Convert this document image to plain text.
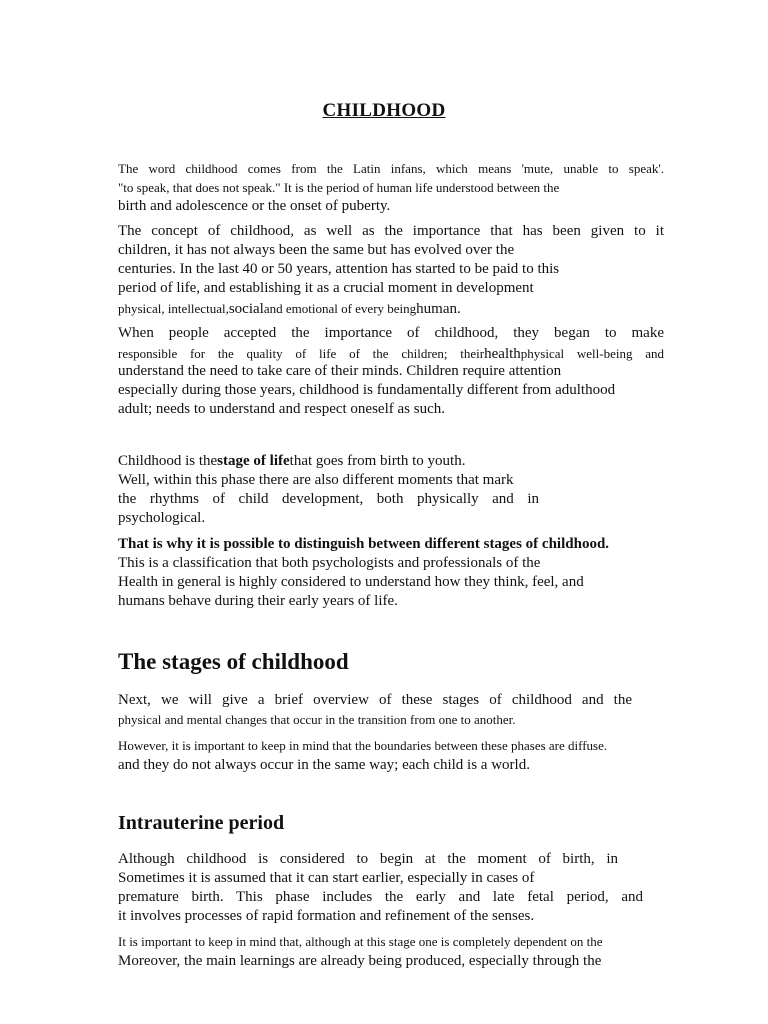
CHILDHOOD
The word childhood comes from the Latin infans, which means 'mute, unable to speak'.
"to speak, that does not speak." It is the period of human life understood between the
birth and adolescence or the onset of puberty.
The concept of childhood, as well as the importance that has been given to it
children, it has not always been the same but has evolved over the
centuries. In the last 40 or 50 years, attention has started to be paid to this
period of life, and establishing it as a crucial moment in development
physical, intellectual,socialand emotional of every beinghuman.
When people accepted the importance of childhood, they began to make
responsible for the quality of life of the children; theirhealthphysical well-being and
understand the need to take care of their minds. Children require attention
especially during those years, childhood is fundamentally different from adulthood
adult; needs to understand and respect oneself as such.
Childhood is thestage of lifethat goes from birth to youth.
Well, within this phase there are also different moments that mark
the rhythms of child development, both physically and in
psychological.
That is why it is possible to distinguish between different stages of childhood.
This is a classification that both psychologists and professionals of the
Health in general is highly considered to understand how they think, feel, and
humans behave during their early years of life.
The stages of childhood
Next, we will give a brief overview of these stages of childhood and the
physical and mental changes that occur in the transition from one to another.
However, it is important to keep in mind that the boundaries between these phases are diffuse.
and they do not always occur in the same way; each child is a world.
Intrauterine period
Although childhood is considered to begin at the moment of birth, in
Sometimes it is assumed that it can start earlier, especially in cases of
premature birth. This phase includes the early and late fetal period, and
it involves processes of rapid formation and refinement of the senses.
It is important to keep in mind that, although at this stage one is completely dependent on the
Moreover, the main learnings are already being produced, especially through the
